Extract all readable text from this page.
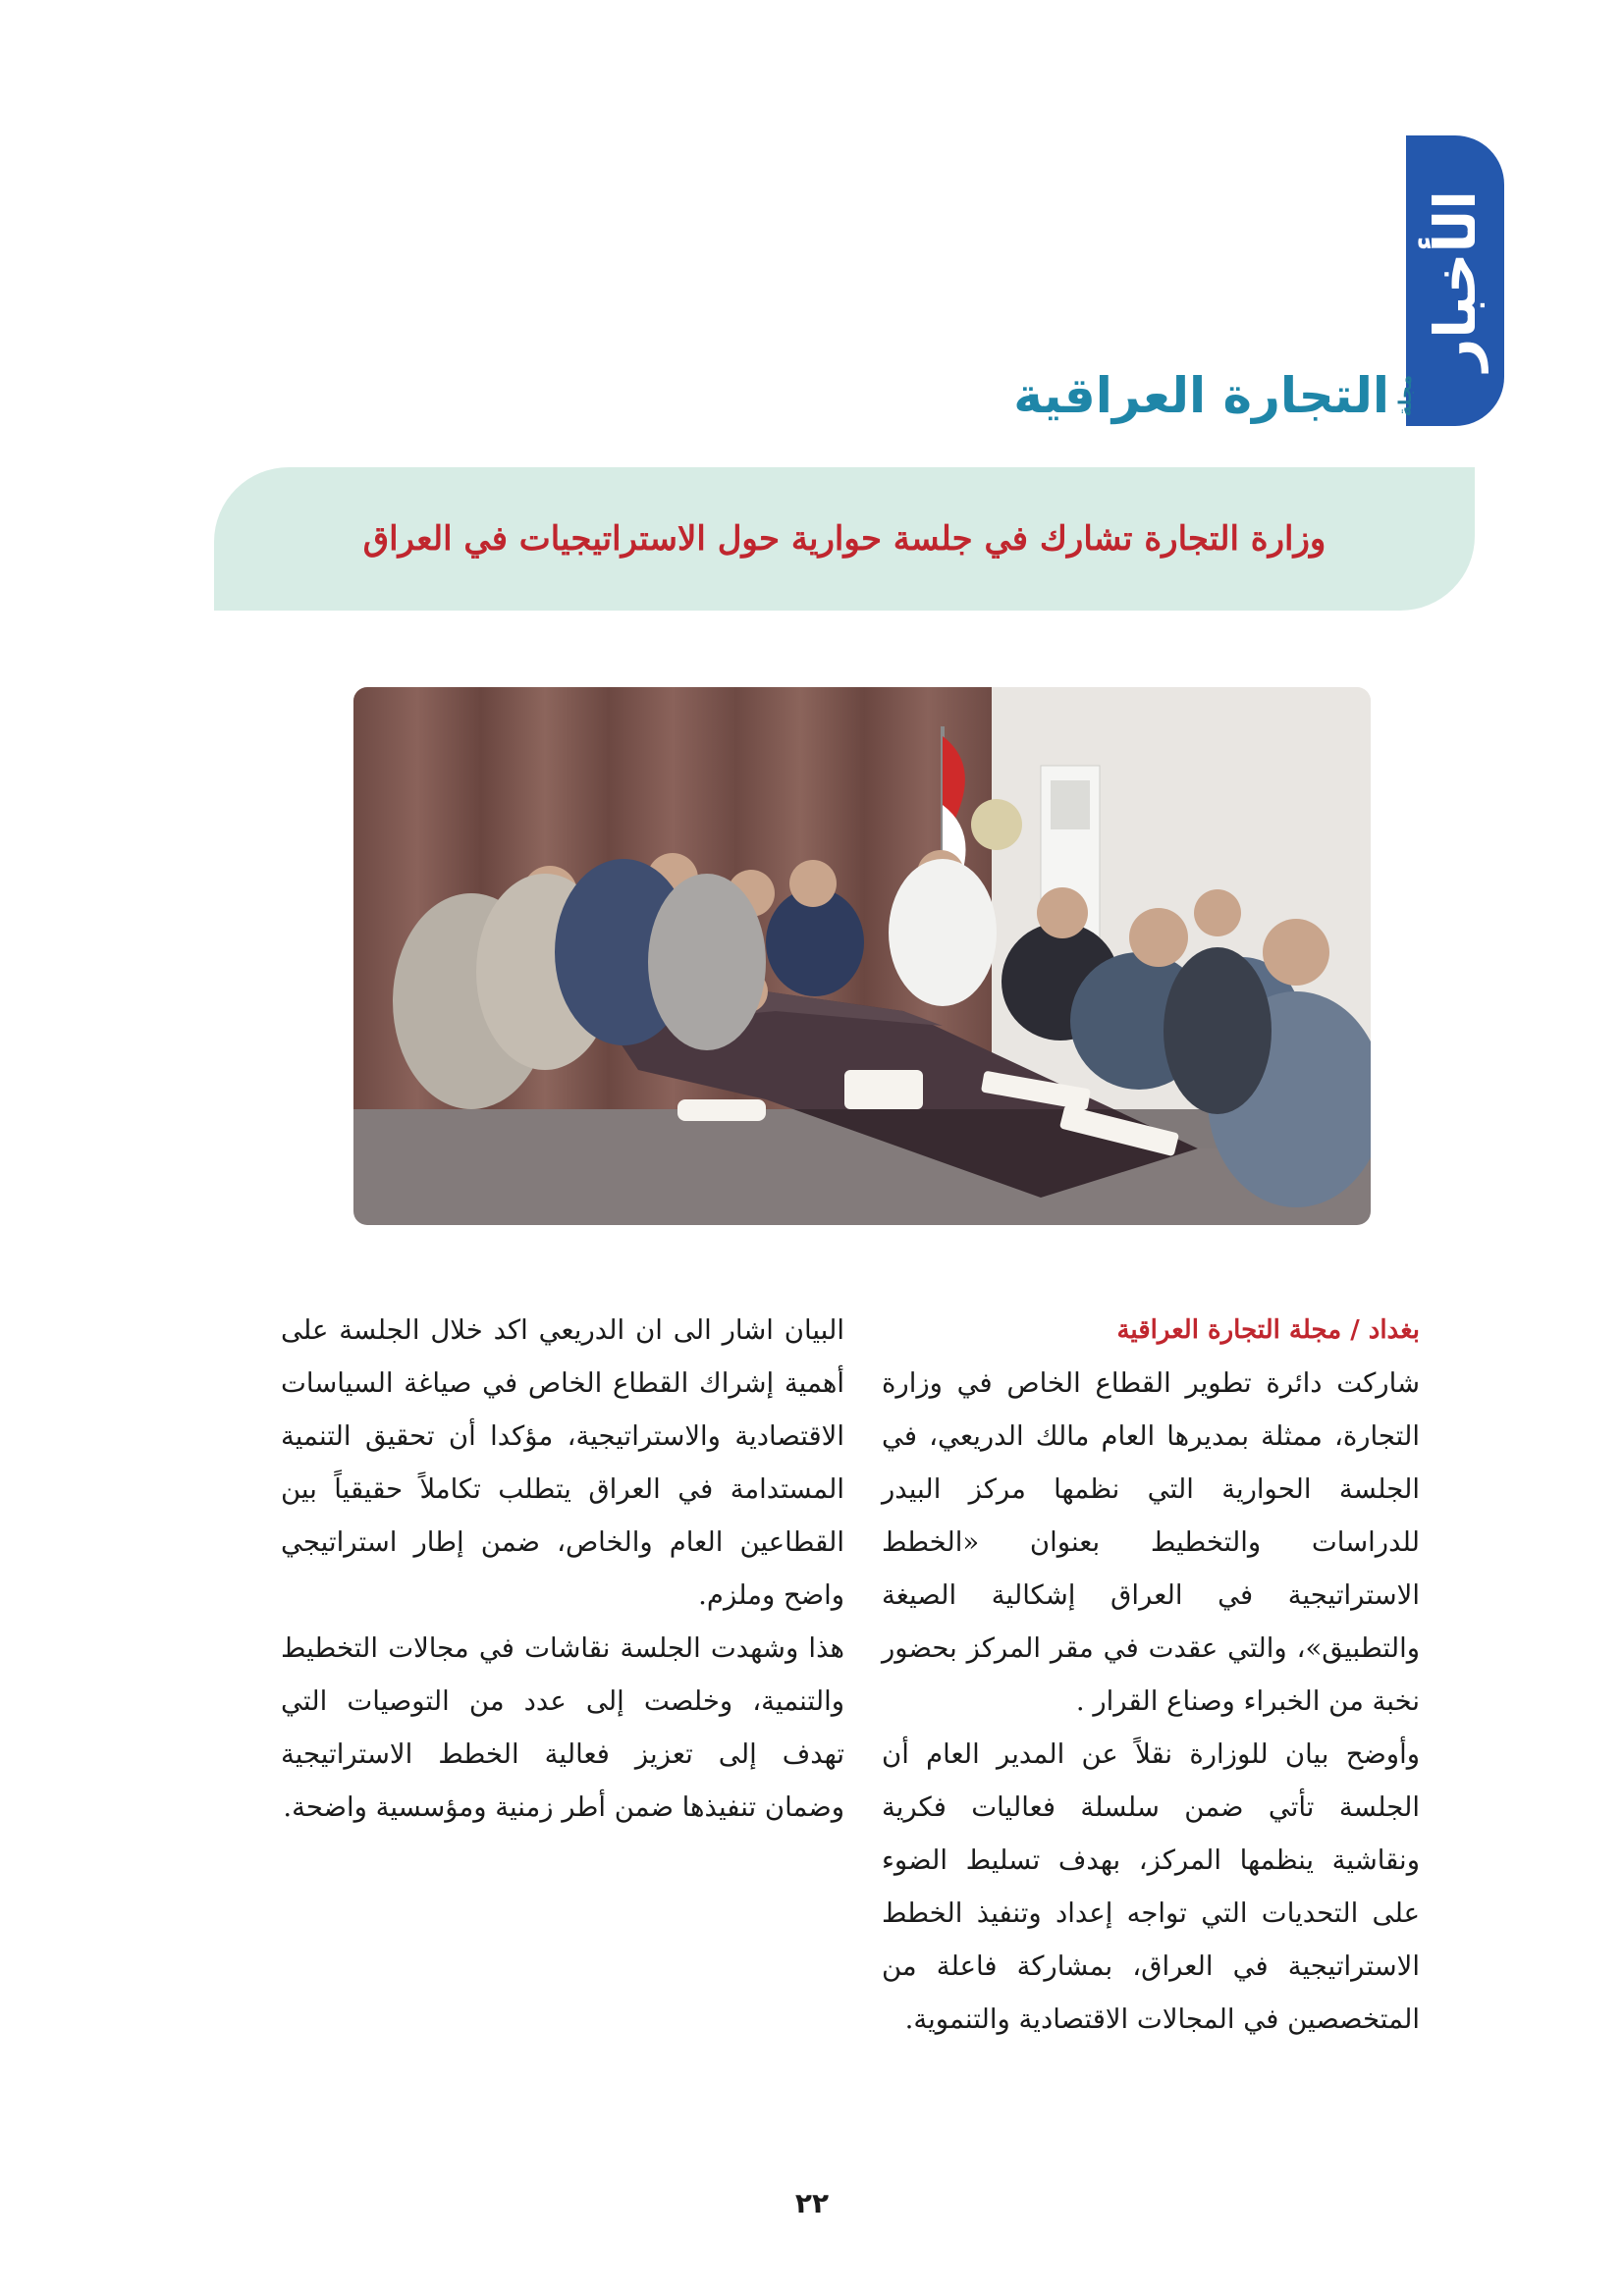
الأخبار
مجلة
التجارة العراقية
وزارة التجارة تشارك في جلسة حوارية حول الاستراتيجيات في العراق
بغداد / مجلة التجارة العراقية

شاركت دائرة تطوير القطاع الخاص في وزارة التجارة، ممثلة بمديرها العام مالك الدريعي، في الجلسة الحوارية التي نظمها مركز البيدر للدراسات والتخطيط بعنوان «الخطط الاستراتيجية في العراق إشكالية الصيغة والتطبيق»، والتي عقدت في مقر المركز بحضور نخبة من الخبراء وصناع القرار .

وأوضح بيان للوزارة نقلاً عن المدير العام أن الجلسة تأتي ضمن سلسلة فعاليات فكرية ونقاشية ينظمها المركز، بهدف تسليط الضوء على التحديات التي تواجه إعداد وتنفيذ الخطط الاستراتيجية في العراق، بمشاركة فاعلة من المتخصصين في المجالات الاقتصادية والتنموية.

البيان اشار الى ان الدريعي اكد خلال الجلسة على أهمية إشراك القطاع الخاص في صياغة السياسات الاقتصادية والاستراتيجية، مؤكدا أن تحقيق التنمية المستدامة في العراق يتطلب تكاملاً حقيقياً بين القطاعين العام والخاص، ضمن إطار استراتيجي واضح وملزم.

هذا وشهدت الجلسة نقاشات في مجالات التخطيط والتنمية، وخلصت إلى عدد من التوصيات التي تهدف إلى تعزيز فعالية الخطط الاستراتيجية وضمان تنفيذها ضمن أطر زمنية ومؤسسية واضحة.

٢٢
